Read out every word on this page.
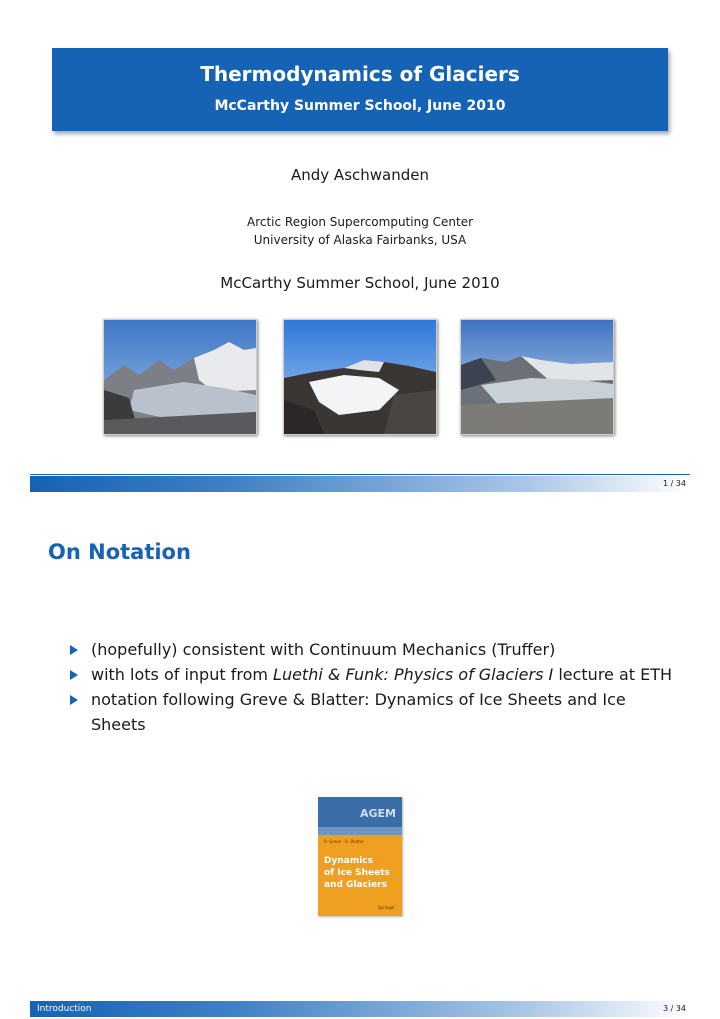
Thermodynamics of Glaciers
McCarthy Summer School, June 2010
Andy Aschwanden
Arctic Region Supercomputing Center
University of Alaska Fairbanks, USA
McCarthy Summer School, June 2010
1 / 34
On Notation
(hopefully) consistent with Continuum Mechanics (Truffer)
with lots of input from Luethi & Funk: Physics of Glaciers I lecture at ETH
notation following Greve & Blatter: Dynamics of Ice Sheets and Ice Sheets
AGEM
R. Greve · H. Blatter
Dynamics
of Ice Sheets
and Glaciers
Springer
Introduction	3 / 34
